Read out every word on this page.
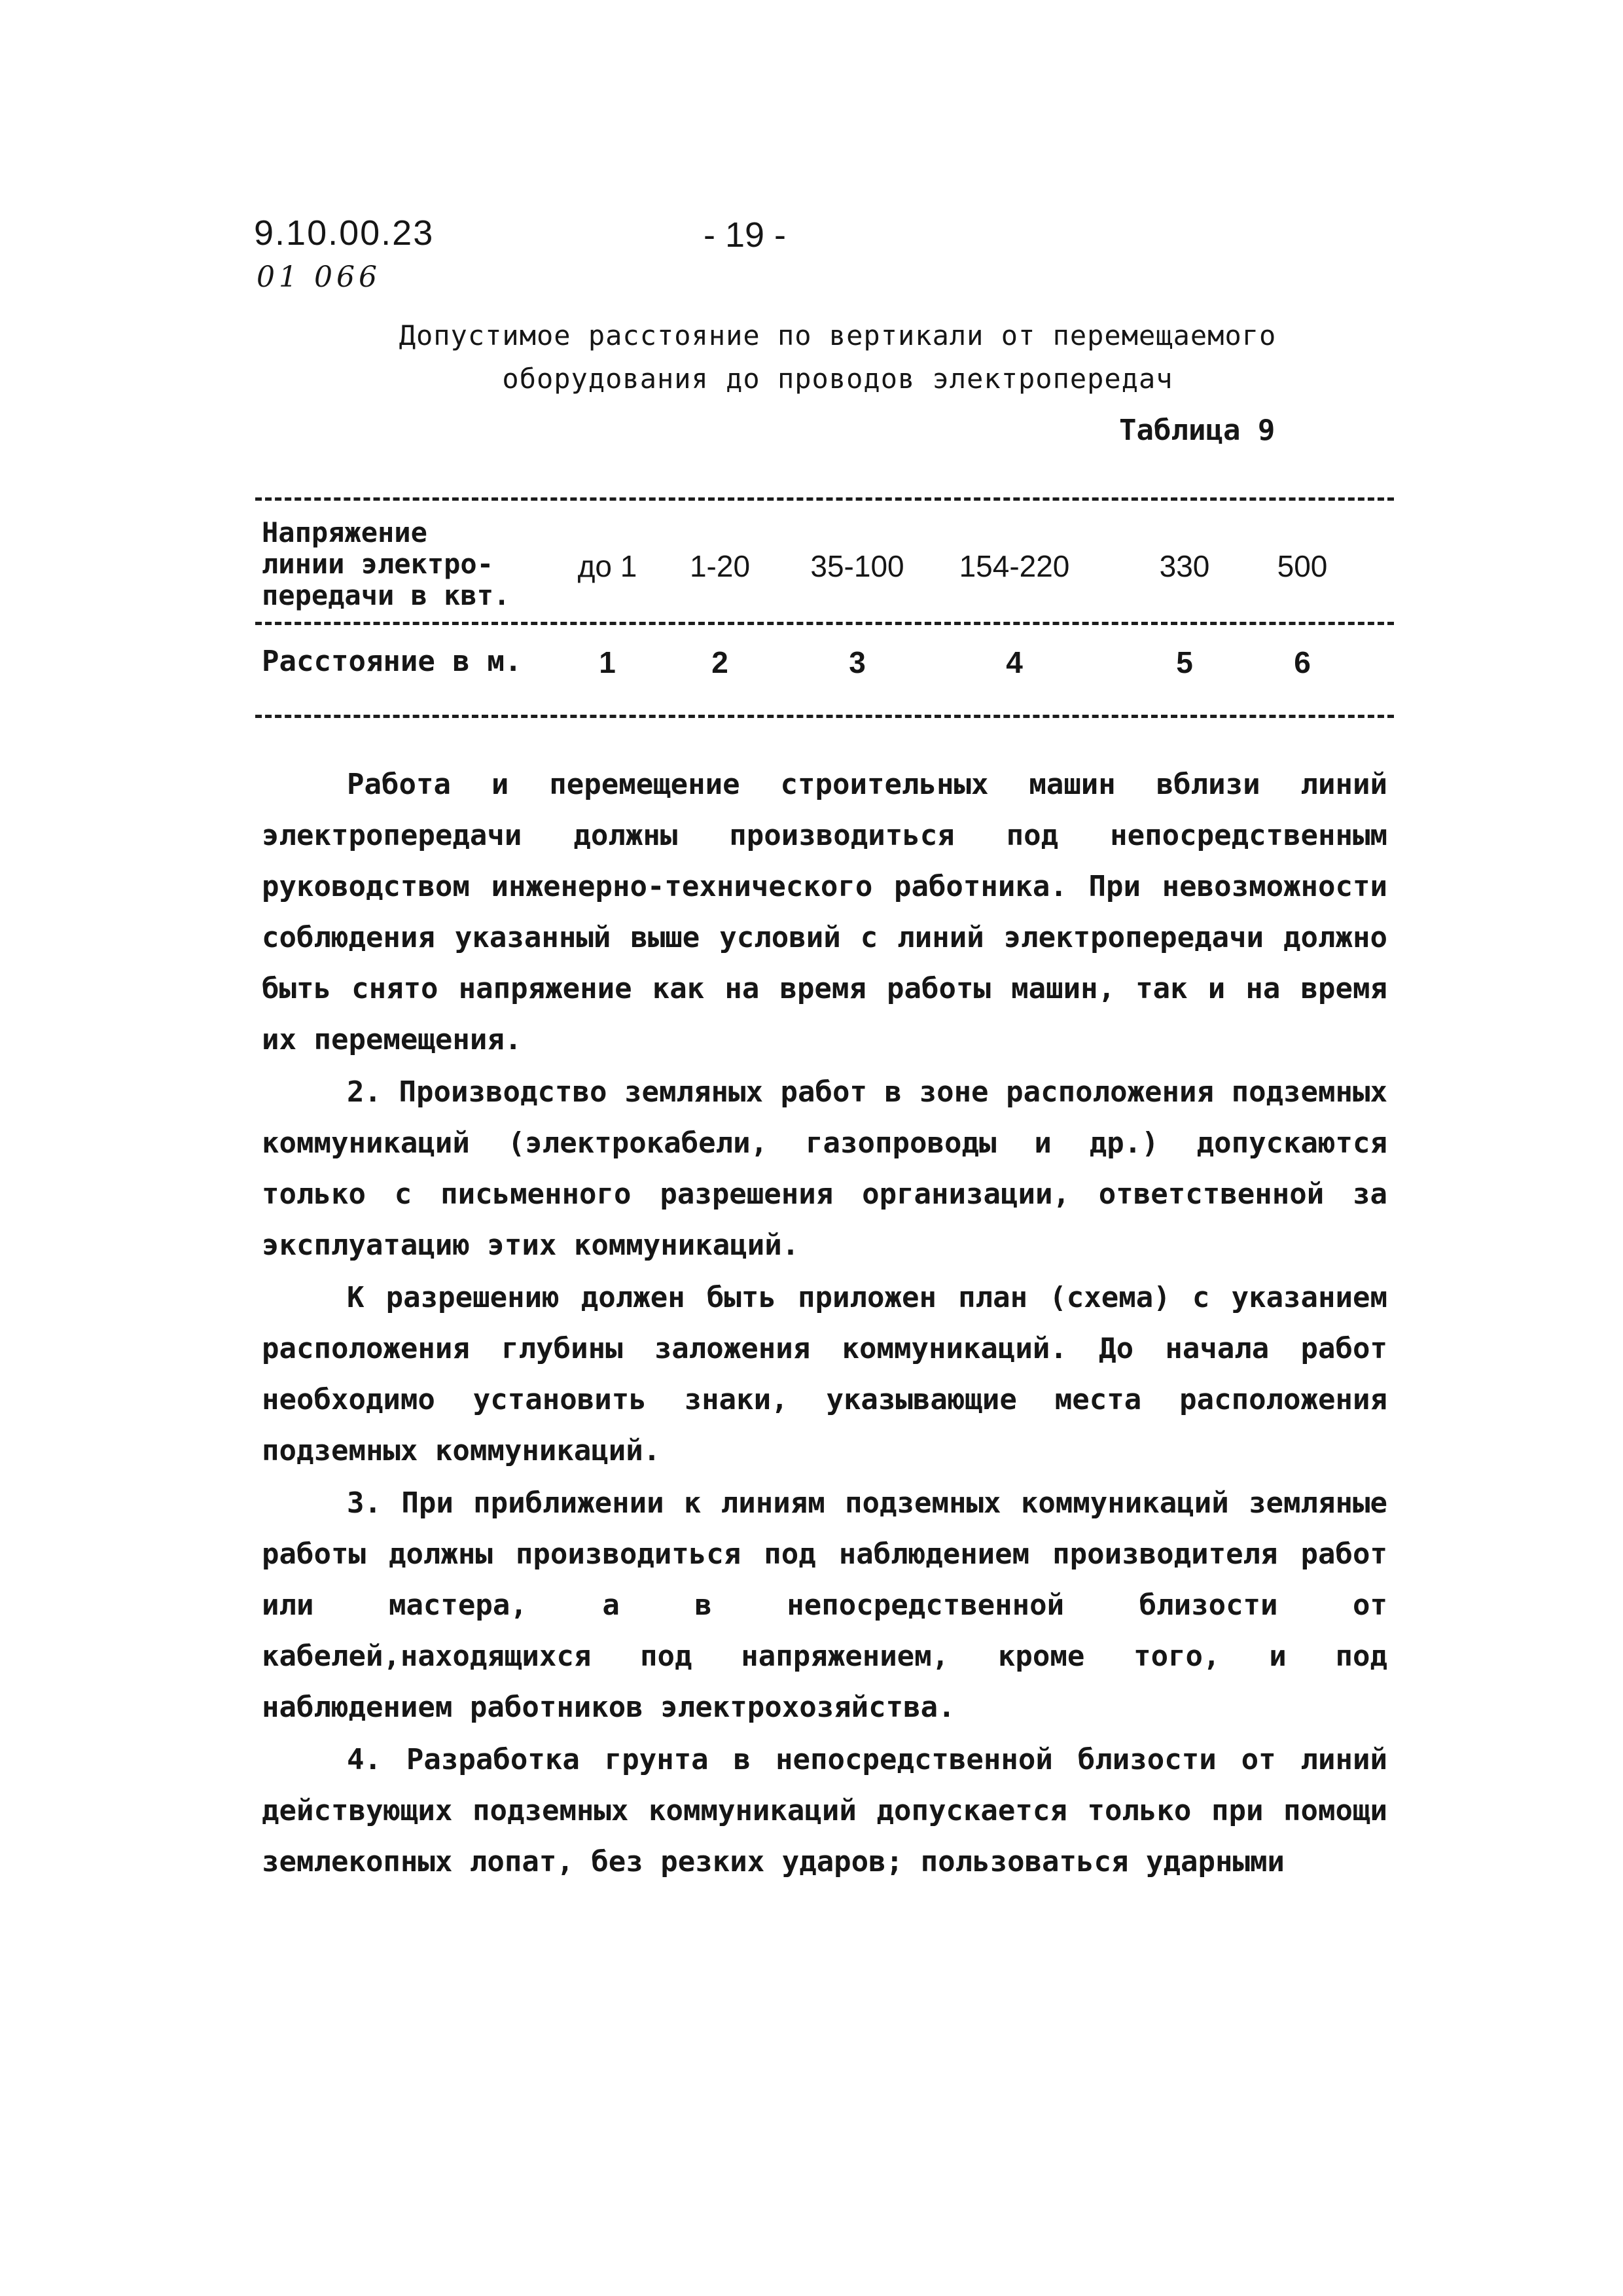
9.10.00.23
01 066
- 19 -
Допустимое расстояние по вертикали от перемещаемого
оборудования до проводов электропередач
Таблица 9
Напряжение
линии электро-
передачи в квт.
до 1	1-20	35-100	154-220	330	500
Расстояние в м.	1	2	3	4	5	6

Работа и перемещение строительных машин вблизи линий электропередачи должны производиться под непосредственным руководством инженерно-технического работника. При невозможности соблюдения указанный выше условий с линий электропередачи должно быть снято напряжение как на время работы машин, так и на время их перемещения.

2. Производство земляных работ в зоне расположения подземных коммуникаций (электрокабели, газопроводы и др.) допускаются только с письменного разрешения организации, ответственной за эксплуатацию этих коммуникаций.

К разрешению должен быть приложен план (схема) с указанием расположения глубины заложения коммуникаций. До начала работ необходимо установить знаки, указывающие места расположения подземных коммуникаций.

3. При приближении к линиям подземных коммуникаций земляные работы должны производиться под наблюдением производителя работ или мастера, а в непосредственной близости от кабелей,находящихся под напряжением, кроме того, и под наблюдением работников электрохозяйства.

4. Разработка грунта в непосредственной близости от линий действующих подземных коммуникаций допускается только при помощи землекопных лопат, без резких ударов; пользоваться ударными
